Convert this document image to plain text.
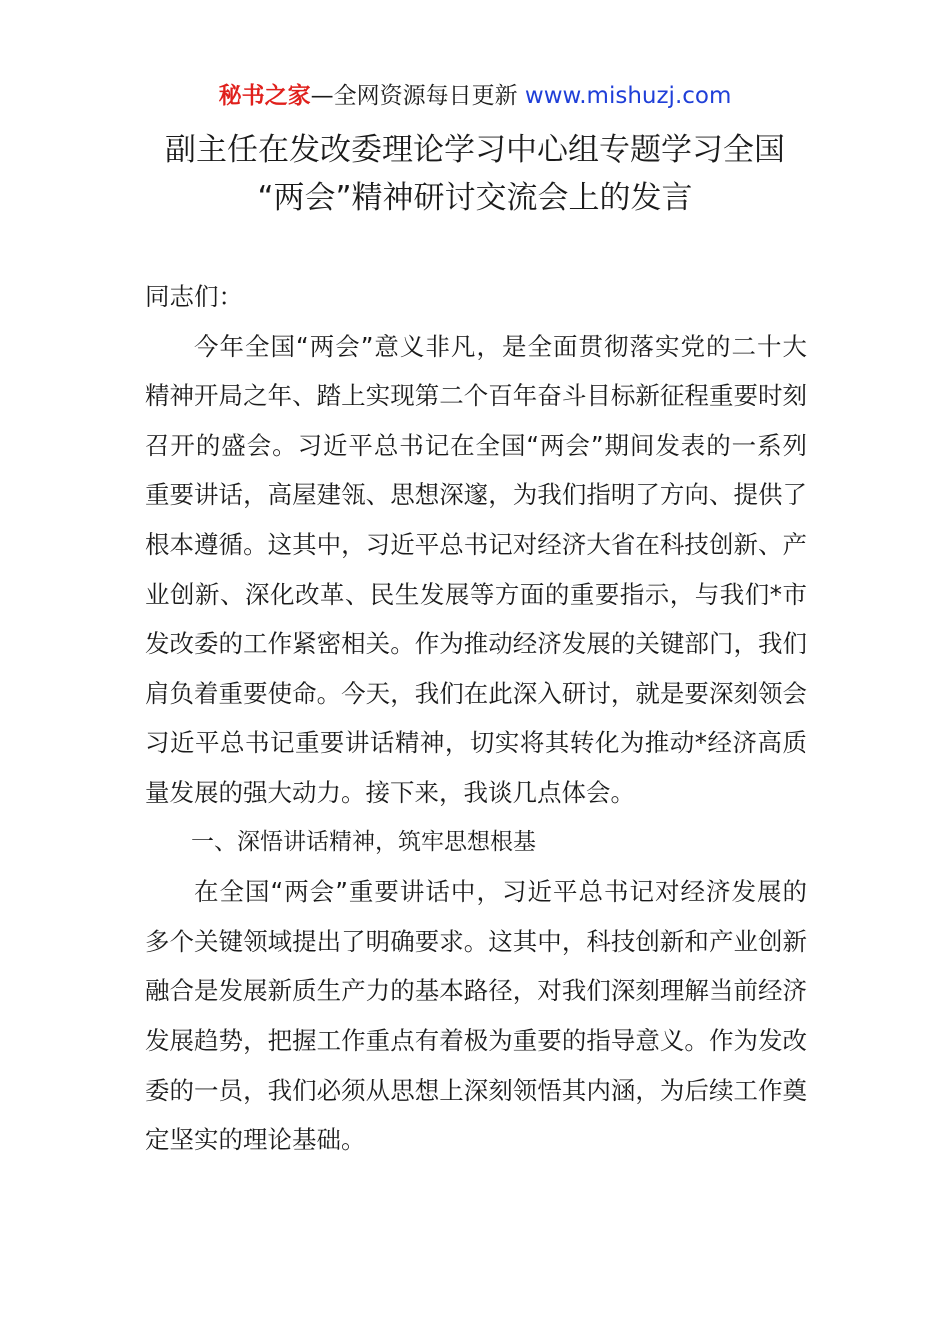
秘书之家—全网资源每日更新 www.mishuzj.com
副主任在发改委理论学习中心组专题学习全国
“两会”精神研讨交流会上的发言

同志们：

今年全国“两会”意义非凡，是全面贯彻落实党的二十大精神开局之年、踏上实现第二个百年奋斗目标新征程重要时刻召开的盛会。习近平总书记在全国“两会”期间发表的一系列重要讲话，高屋建瓴、思想深邃，为我们指明了方向、提供了根本遵循。这其中，习近平总书记对经济大省在科技创新、产业创新、深化改革、民生发展等方面的重要指示，与我们*市发改委的工作紧密相关。作为推动经济发展的关键部门，我们肩负着重要使命。今天，我们在此深入研讨，就是要深刻领会习近平总书记重要讲话精神，切实将其转化为推动*经济高质量发展的强大动力。接下来，我谈几点体会。

一、深悟讲话精神，筑牢思想根基

在全国“两会”重要讲话中，习近平总书记对经济发展的多个关键领域提出了明确要求。这其中，科技创新和产业创新融合是发展新质生产力的基本路径，对我们深刻理解当前经济发展趋势，把握工作重点有着极为重要的指导意义。作为发改委的一员，我们必须从思想上深刻领悟其内涵，为后续工作奠定坚实的理论基础。
